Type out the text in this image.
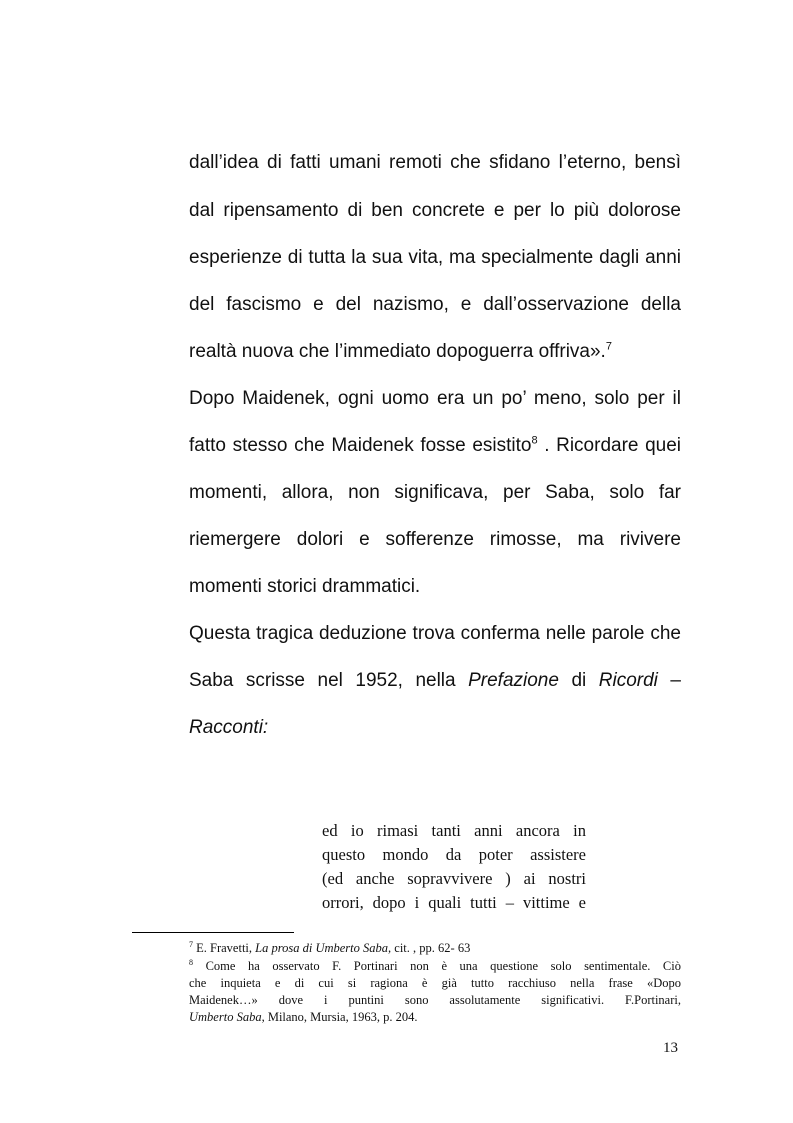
dall’idea di fatti umani remoti che sfidano l’eterno, bensì
dal ripensamento di ben concrete e per lo più dolorose
esperienze di tutta la sua vita, ma specialmente dagli anni
del fascismo e del nazismo, e dall’osservazione della
realtà nuova che l’immediato dopoguerra offriva».$^7$
Dopo Maidenek, ogni uomo era un po’ meno, solo per il
fatto stesso che Maidenek fosse esistito$^8$ . Ricordare quei
momenti, allora, non significava, per Saba, solo far
riemergere dolori e sofferenze rimosse, ma rivivere
momenti storici drammatici.
Questa tragica deduzione trova conferma nelle parole che
Saba scrisse nel 1952, nella Prefazione di Ricordi –
Racconti:
ed io rimasi tanti anni ancora in
questo mondo da poter assistere
(ed anche sopravvivere ) ai nostri
orrori, dopo i quali tutti – vittime e
$^7$ E. Fravetti, La prosa di Umberto Saba, cit. , pp. 62- 63
$^8$ Come ha osservato F. Portinari non è una questione solo sentimentale. Ciò
che inquieta e di cui si ragiona è già tutto racchiuso nella frase «Dopo
Maidenek…» dove i puntini sono assolutamente significativi. F.Portinari,
Umberto Saba, Milano, Mursia, 1963, p. 204.
13
